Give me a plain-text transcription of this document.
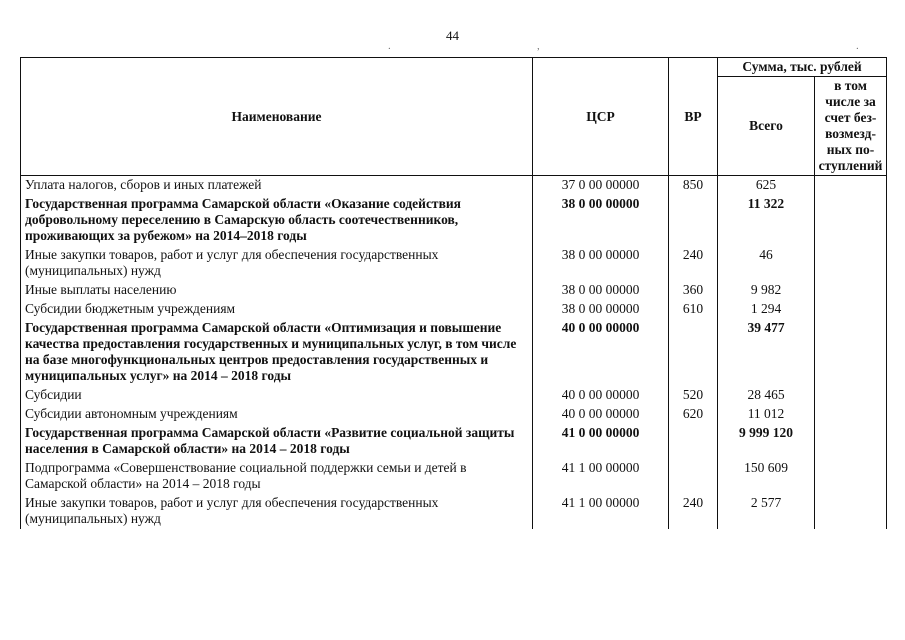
44
.	,	.
Наименование	ЦСР	ВР	Сумма, тыс. рублей	
			Всего	в том числе за счет без-возмезд-ных по-ступлений
Уплата налогов, сборов и иных платежей	37 0 00 00000	850	625	
Государственная программа Самарской области «Оказание содействия добровольному переселению в Самарскую область соотечественников, проживающих за рубежом» на 2014–2018 годы	38 0 00 00000		11 322	
Иные закупки товаров, работ и услуг для обеспечения государственных (муниципальных) нужд	38 0 00 00000	240	46	
Иные выплаты населению	38 0 00 00000	360	9 982	
Субсидии бюджетным учреждениям	38 0 00 00000	610	1 294	
Государственная программа Самарской области «Оптимизация и повышение качества предоставления государственных и муниципальных услуг, в том числе на базе многофункциональных центров предоставления государственных и муниципальных услуг» на 2014 – 2018 годы	40 0 00 00000		39 477	
Субсидии	40 0 00 00000	520	28 465	
Субсидии автономным учреждениям	40 0 00 00000	620	11 012	
Государственная программа Самарской области «Развитие социальной защиты населения в Самарской области» на 2014 – 2018 годы	41 0 00 00000		9 999 120	
Подпрограмма «Совершенствование социальной поддержки семьи и детей в Самарской области» на 2014 – 2018 годы	41 1 00 00000		150 609	
Иные закупки товаров, работ и услуг для обеспечения государственных (муниципальных) нужд	41 1 00 00000	240	2 577	
